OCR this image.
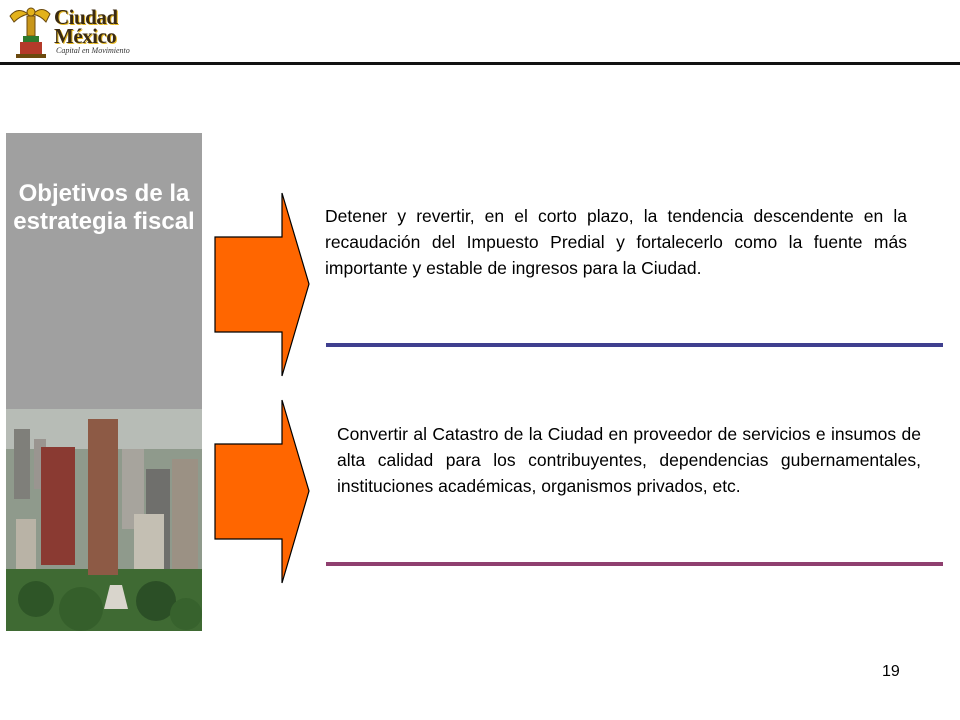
Ciudad
México
Capital en Movimiento
Objetivos de la estrategia fiscal	Detener y revertir, en el corto plazo, la tendencia descendente en la recaudación del Impuesto Predial y fortalecerlo como la fuente más importante y estable de ingresos para la Ciudad.

Convertir al Catastro de la Ciudad en proveedor de servicios e insumos de alta calidad para los contribuyentes, dependencias gubernamentales, instituciones académicas, organismos privados, etc.

19
